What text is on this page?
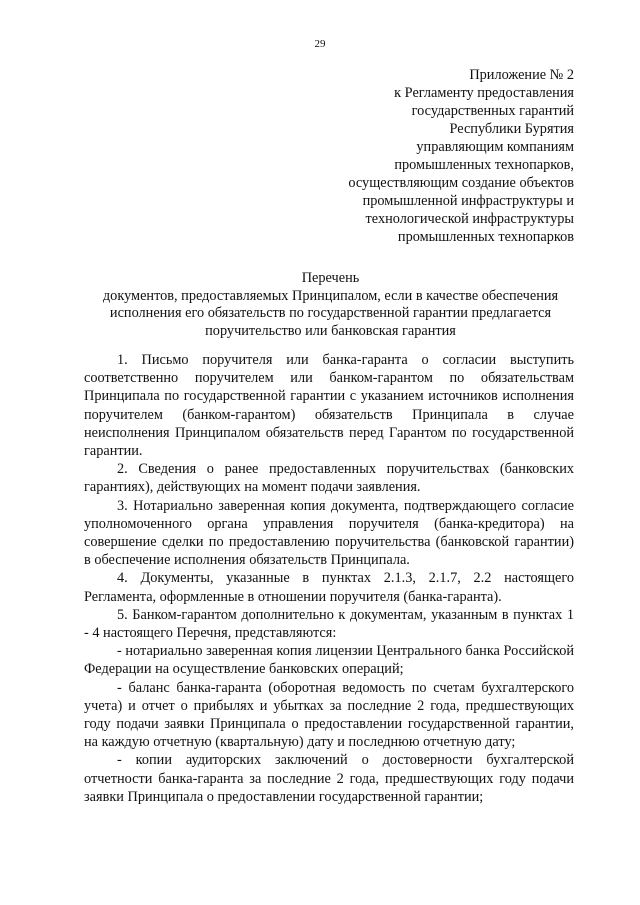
29
Приложение № 2
к Регламенту предоставления
государственных гарантий
Республики Бурятия
управляющим компаниям
промышленных технопарков,
осуществляющим создание объектов
промышленной инфраструктуры и
технологической инфраструктуры
промышленных технопарков
Перечень
документов, предоставляемых Принципалом, если в качестве обеспечения исполнения его обязательств по государственной гарантии предлагается поручительство или банковская гарантия

1. Письмо поручителя или банка-гаранта о согласии выступить соответственно поручителем или банком-гарантом по обязательствам Принципала по государственной гарантии с указанием источников исполнения поручителем (банком-гарантом) обязательств Принципала в случае неисполнения Принципалом обязательств перед Гарантом по государственной гарантии.

2. Сведения о ранее предоставленных поручительствах (банковских гарантиях), действующих на момент подачи заявления.

3. Нотариально заверенная копия документа, подтверждающего согласие уполномоченного органа управления поручителя (банка-кредитора) на совершение сделки по предоставлению поручительства (банковской гарантии) в обеспечение исполнения обязательств Принципала.

4. Документы, указанные в пунктах 2.1.3, 2.1.7, 2.2 настоящего Регламента, оформленные в отношении поручителя (банка-гаранта).

5. Банком-гарантом дополнительно к документам, указанным в пунктах 1 - 4 настоящего Перечня, представляются:

- нотариально заверенная копия лицензии Центрального банка Российской Федерации на осуществление банковских операций;

- баланс банка-гаранта (оборотная ведомость по счетам бухгалтерского учета) и отчет о прибылях и убытках за последние 2 года, предшествующих году подачи заявки Принципала о предоставлении государственной гарантии, на каждую отчетную (квартальную) дату и последнюю отчетную дату;

- копии аудиторских заключений о достоверности бухгалтерской отчетности банка-гаранта за последние 2 года, предшествующих году подачи заявки Принципала о предоставлении государственной гарантии;
